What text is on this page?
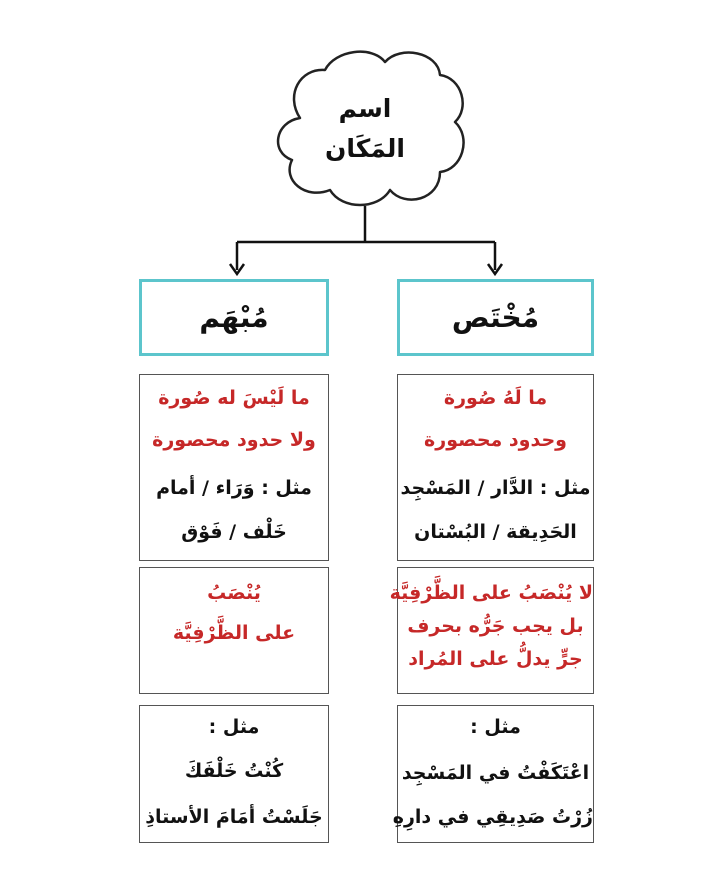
اسم
المَكَان
مُخْتَص
مُبْهَم
ما لَهُ صُورة
وحدود محصورة
مثل : الدَّار / المَسْجِد
الحَدِيقة / البُسْتان
لا يُنْصَبُ على الظَّرْفِيَّة
بل يجب جَرُّه بحرف
جرٍّ يدلُّ على المُراد
مثل :
اعْتَكَفْتُ في المَسْجِد
زُرْتُ صَدِيقِي في دارِهِ
ما لَيْسَ له صُورة
ولا حدود محصورة
مثل : وَرَاء / أمام
خَلْف / فَوْق
يُنْصَبُ
على الظَّرْفِيَّة
مثل :
كُنْتُ خَلْفَكَ
جَلَسْتُ أمَامَ الأستاذِ
